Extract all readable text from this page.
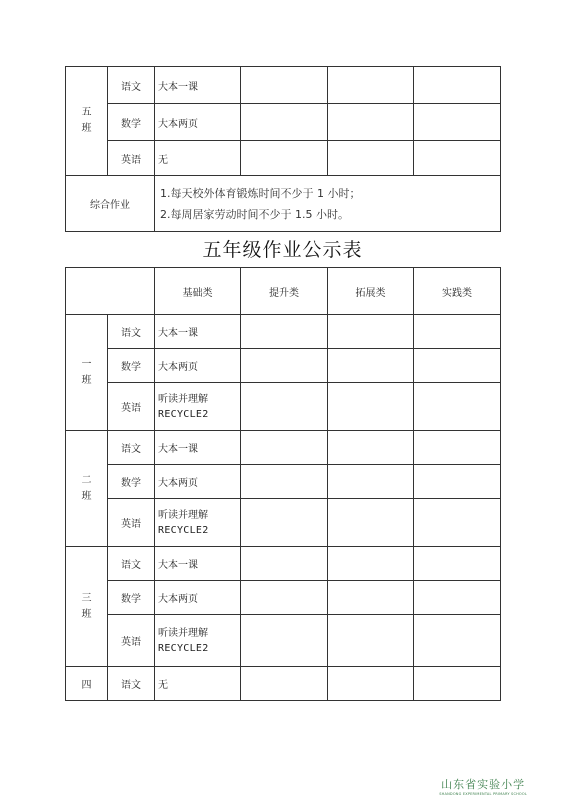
五
班	语文	大本一课			
	数学	大本两页			
	英语	无			
综合作业		1.每天校外体育锻炼时间不少于 1 小时；
2.每周居家劳动时间不少于 1.5 小时。			
五年级作业公示表
		基础类	提升类	拓展类	实践类

一
班	语文	大本一课			
	数学	大本两页			
	英语	听读并理解
RECYCLE2			

二
班	语文	大本一课			
	数学	大本两页			
	英语	听读并理解
RECYCLE2			

三
班	语文	大本一课			
	数学	大本两页			
	英语	听读并理解
RECYCLE2			

四	语文	无			
山东省实验小学
SHANDONG EXPERIMENTAL PRIMARY SCHOOL
